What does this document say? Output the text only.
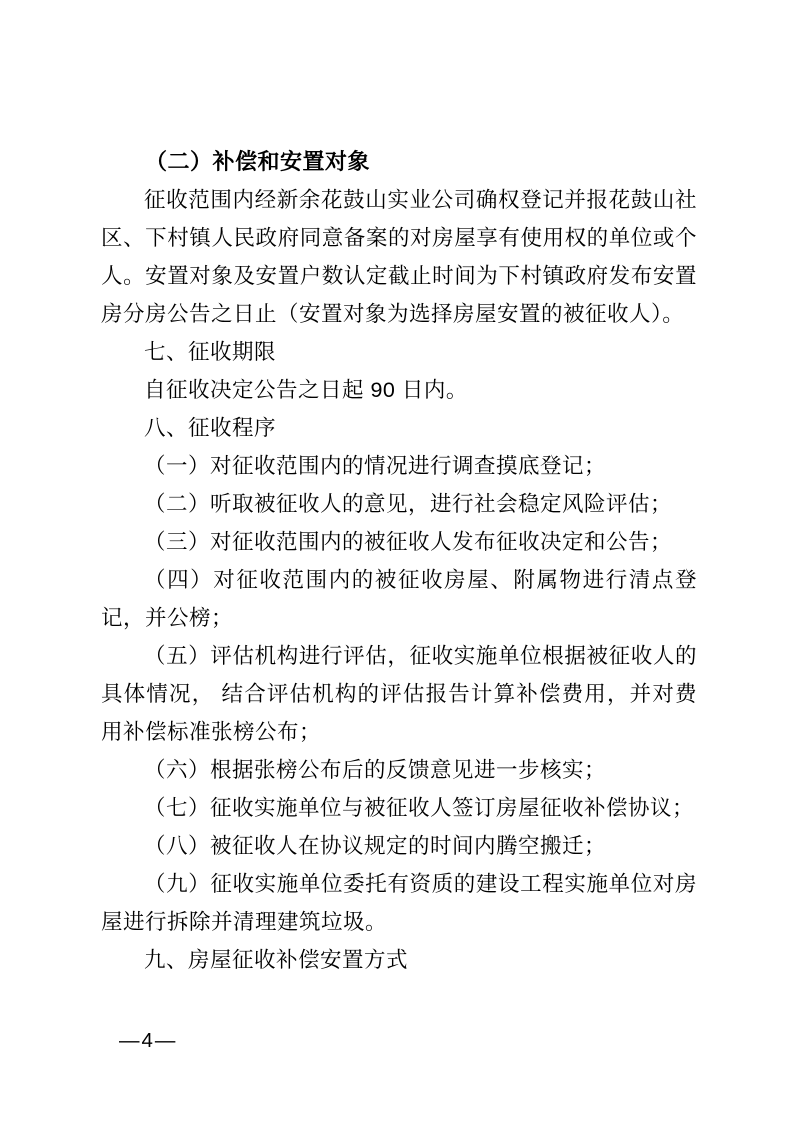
（二）补偿和安置对象

征收范围内经新余花鼓山实业公司确权登记并报花鼓山社区、下村镇人民政府同意备案的对房屋享有使用权的单位或个人。安置对象及安置户数认定截止时间为下村镇政府发布安置房分房公告之日止（安置对象为选择房屋安置的被征收人）。

七、征收期限

自征收决定公告之日起 90 日内。

八、征收程序

（一）对征收范围内的情况进行调查摸底登记；

（二）听取被征收人的意见，进行社会稳定风险评估；

（三）对征收范围内的被征收人发布征收决定和公告；

（四）对征收范围内的被征收房屋、附属物进行清点登记，并公榜；

（五）评估机构进行评估，征收实施单位根据被征收人的具体情况， 结合评估机构的评估报告计算补偿费用，并对费用补偿标准张榜公布；

（六）根据张榜公布后的反馈意见进一步核实；

（七）征收实施单位与被征收人签订房屋征收补偿协议；

（八）被征收人在协议规定的时间内腾空搬迁；

（九）征收实施单位委托有资质的建设工程实施单位对房屋进行拆除并清理建筑垃圾。

九、房屋征收补偿安置方式

—4—
